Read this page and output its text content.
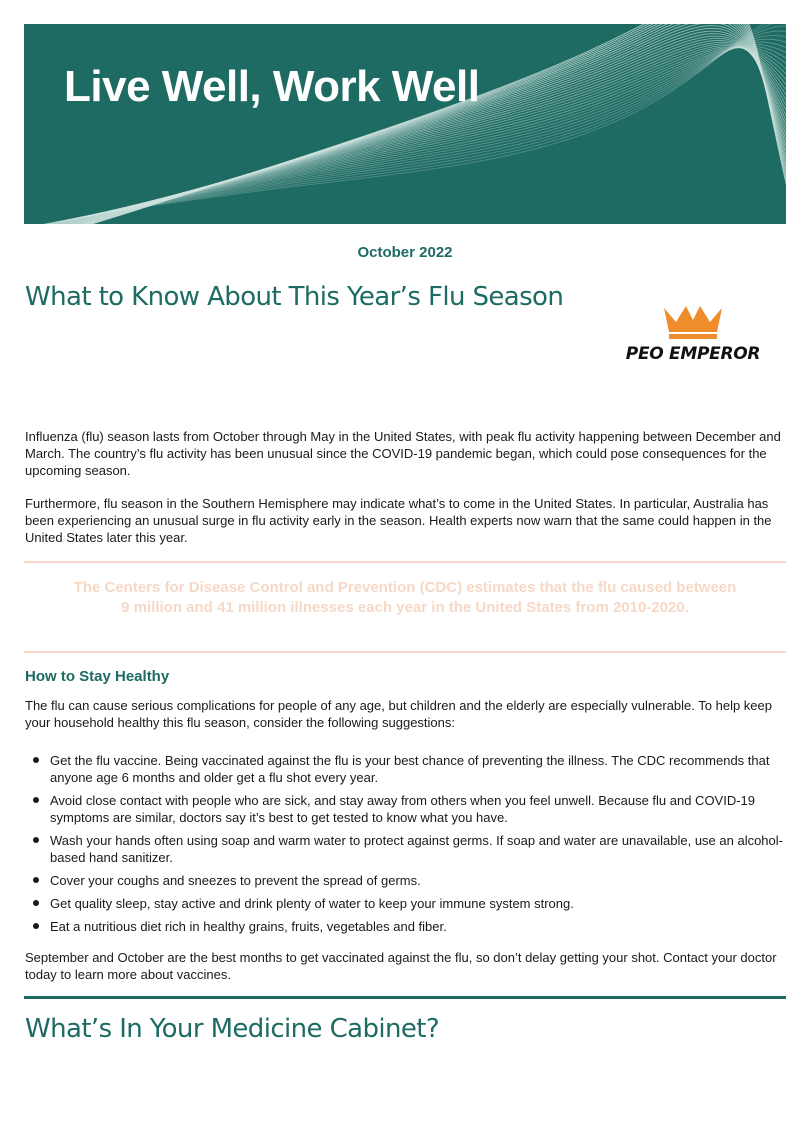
Live Well, Work Well
October 2022
What to Know About This Year’s Flu Season
PEO EMPEROR

Influenza (flu) season lasts from October through May in the United States, with peak flu activity happening between December and March. The country’s flu activity has been unusual since the COVID-19 pandemic began, which could pose consequences for the upcoming season.

Furthermore, flu season in the Southern Hemisphere may indicate what’s to come in the United States. In particular, Australia has been experiencing an unusual surge in flu activity early in the season. Health experts now warn that the same could happen in the United States later this year.

The Centers for Disease Control and Prevention (CDC) estimates that the flu caused between 9 million and 41 million illnesses each year in the United States from 2010-2020.
How to Stay Healthy

The flu can cause serious complications for people of any age, but children and the elderly are especially vulnerable. To help keep your household healthy this flu season, consider the following suggestions:

Get the flu vaccine. Being vaccinated against the flu is your best chance of preventing the illness. The CDC recommends that anyone age 6 months and older get a flu shot every year.
Avoid close contact with people who are sick, and stay away from others when you feel unwell. Because flu and COVID-19 symptoms are similar, doctors say it’s best to get tested to know what you have.
Wash your hands often using soap and warm water to protect against germs. If soap and water are unavailable, use an alcohol-based hand sanitizer.
Cover your coughs and sneezes to prevent the spread of germs.
Get quality sleep, stay active and drink plenty of water to keep your immune system strong.
Eat a nutritious diet rich in healthy grains, fruits, vegetables and fiber.

September and October are the best months to get vaccinated against the flu, so don’t delay getting your shot. Contact your doctor today to learn more about vaccines.

What’s In Your Medicine Cabinet?
